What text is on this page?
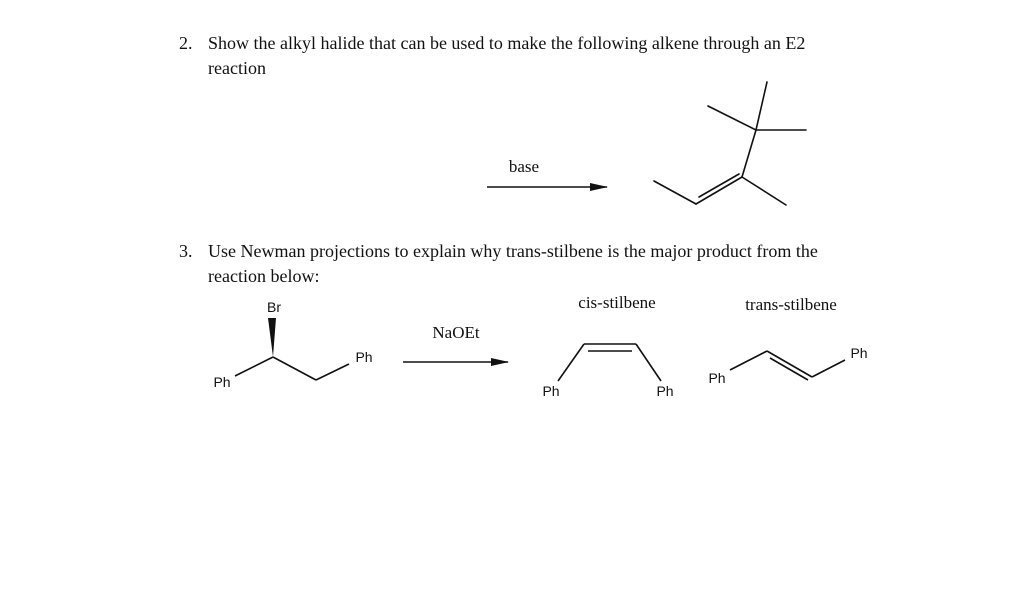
2. Show the alkyl halide that can be used to make the following alkene through an E2
reaction
3. Use Newman projections to explain why trans-stilbene is the major product from the
reaction below:
base
Br
Ph
Ph
NaOEt
cis-stilbene
Ph	Ph
trans-stilbene
Ph
Ph
